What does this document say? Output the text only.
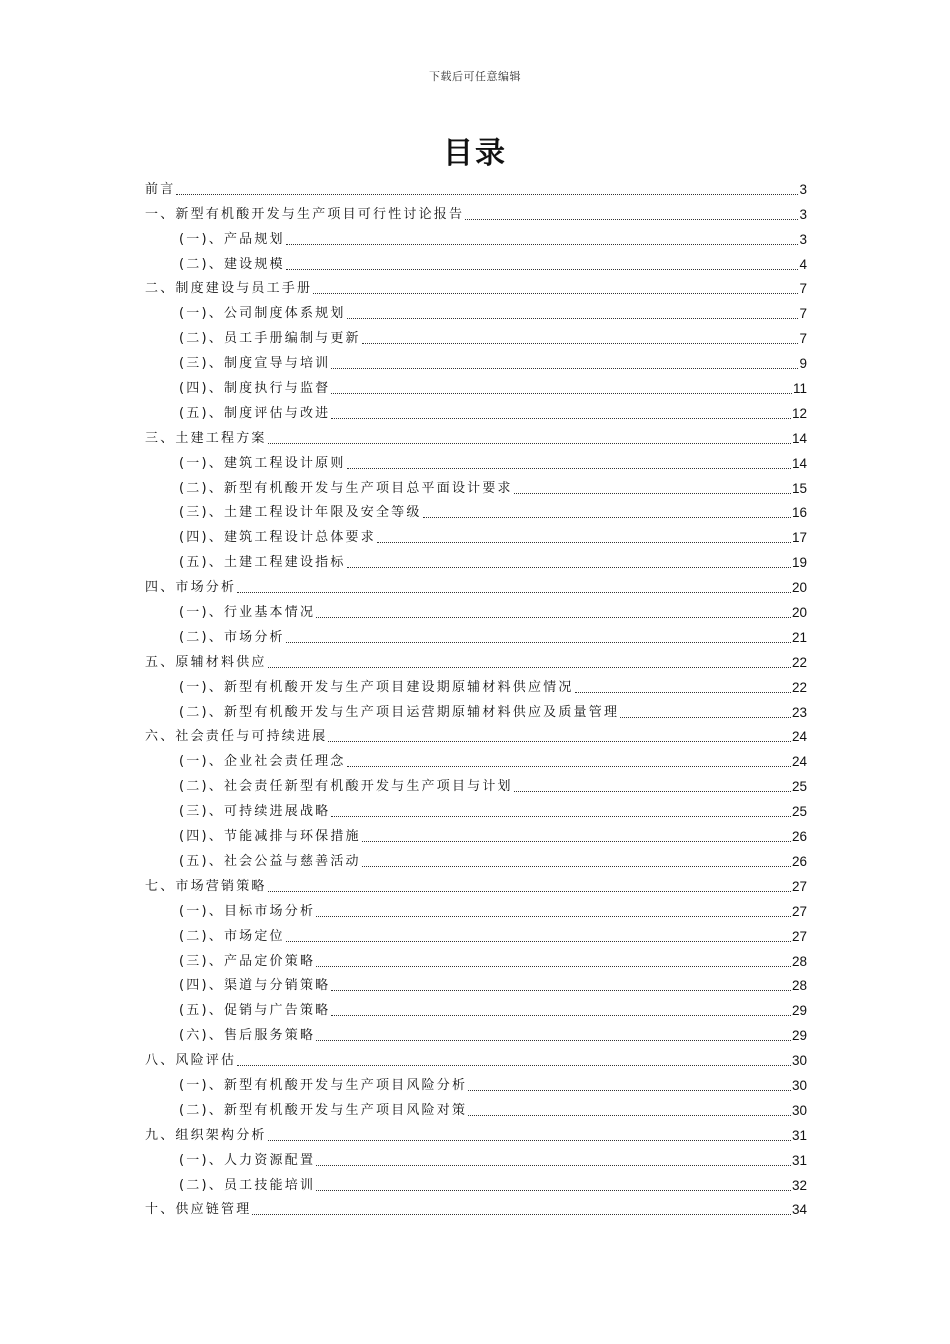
下载后可任意编辑
目录
前言	3
一、新型有机酸开发与生产项目可行性讨论报告	3
(一)、产品规划	3
(二)、建设规模	4
二、制度建设与员工手册	7
(一)、公司制度体系规划	7
(二)、员工手册编制与更新	7
(三)、制度宣导与培训	9
(四)、制度执行与监督	11
(五)、制度评估与改进	12
三、土建工程方案	14
(一)、建筑工程设计原则	14
(二)、新型有机酸开发与生产项目总平面设计要求	15
(三)、土建工程设计年限及安全等级	16
(四)、建筑工程设计总体要求	17
(五)、土建工程建设指标	19
四、市场分析	20
(一)、行业基本情况	20
(二)、市场分析	21
五、原辅材料供应	22
(一)、新型有机酸开发与生产项目建设期原辅材料供应情况	22
(二)、新型有机酸开发与生产项目运营期原辅材料供应及质量管理	23
六、社会责任与可持续进展	24
(一)、企业社会责任理念	24
(二)、社会责任新型有机酸开发与生产项目与计划	25
(三)、可持续进展战略	25
(四)、节能减排与环保措施	26
(五)、社会公益与慈善活动	26
七、市场营销策略	27
(一)、目标市场分析	27
(二)、市场定位	27
(三)、产品定价策略	28
(四)、渠道与分销策略	28
(五)、促销与广告策略	29
(六)、售后服务策略	29
八、风险评估	30
(一)、新型有机酸开发与生产项目风险分析	30
(二)、新型有机酸开发与生产项目风险对策	30
九、组织架构分析	31
(一)、人力资源配置	31
(二)、员工技能培训	32
十、供应链管理	34
